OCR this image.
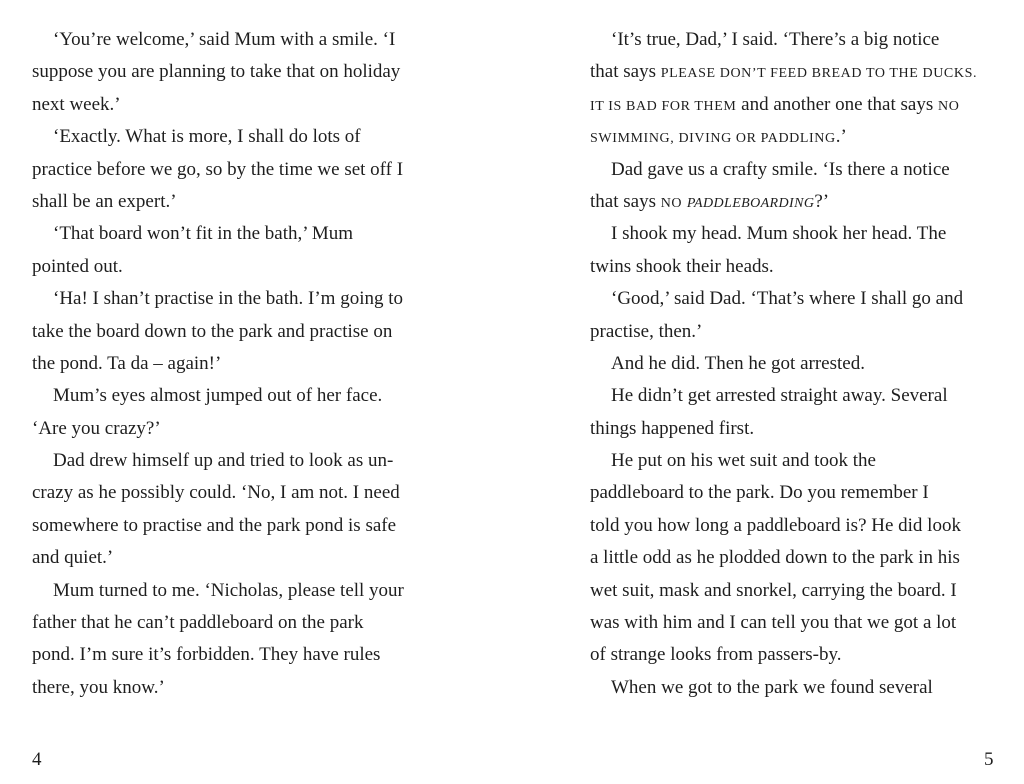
‘You’re welcome,’ said Mum with a smile. ‘I
suppose you are planning to take that on holiday
next week.’
‘Exactly. What is more, I shall do lots of
practice before we go, so by the time we set off I
shall be an expert.’
‘That board won’t fit in the bath,’ Mum
pointed out.
‘Ha! I shan’t practise in the bath. I’m going to
take the board down to the park and practise on
the pond. Ta da – again!’
Mum’s eyes almost jumped out of her face.
‘Are you crazy?’
Dad drew himself up and tried to look as un-
crazy as he possibly could. ‘No, I am not. I need
somewhere to practise and the park pond is safe
and quiet.’
Mum turned to me. ‘Nicholas, please tell your
father that he can’t paddleboard on the park
pond. I’m sure it’s forbidden. They have rules
there, you know.’
‘It’s true, Dad,’ I said. ‘There’s a big notice
that says PLEASE DON’T FEED BREAD TO THE DUCKS.
IT IS BAD FOR THEM and another one that says NO
SWIMMING, DIVING OR PADDLING.’
Dad gave us a crafty smile. ‘Is there a notice
that says NO PADDLEBOARDING?’
I shook my head. Mum shook her head. The
twins shook their heads.
‘Good,’ said Dad. ‘That’s where I shall go and
practise, then.’
And he did. Then he got arrested.
He didn’t get arrested straight away. Several
things happened first.
He put on his wet suit and took the
paddleboard to the park. Do you remember I
told you how long a paddleboard is? He did look
a little odd as he plodded down to the park in his
wet suit, mask and snorkel, carrying the board. I
was with him and I can tell you that we got a lot
of strange looks from passers-by.
When we got to the park we found several
4	5
